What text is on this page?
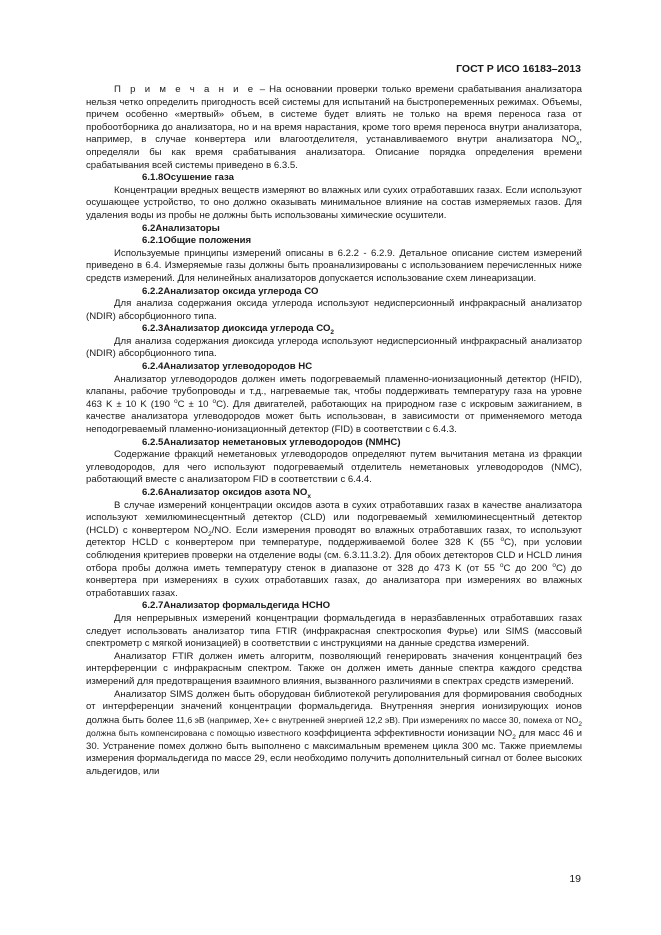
ГОСТ Р ИСО 16183–2013

П р и м е ч а н и е – На основании проверки только времени срабатывания анализатора нельзя четко определить пригодность всей системы для испытаний на быстропеременных режимах. Объемы, причем особенно «мертвый» объем, в системе будет влиять не только на время переноса газа от пробоотборника до анализатора, но и на время нарастания, кроме того время переноса внутри анализатора, например, в случае конвертера или влагоотделителя, устанавливаемого внутри анализатора $NO_x$, определяли бы как время срабатывания анализатора. Описание порядка определения времени срабатывания всей системы приведено в 6.3.5.

6.1.8Осушение газа

Концентрации вредных веществ измеряют во влажных или сухих отработавших газах. Если используют осушающее устройство, то оно должно оказывать минимальное влияние на состав измеряемых газов. Для удаления воды из пробы не должны быть использованы химические осушители.

6.2Анализаторы

6.2.1Общие положения

Используемые принципы измерений описаны в 6.2.2 - 6.2.9. Детальное описание систем измерений приведено в 6.4. Измеряемые газы должны быть проанализированы с использованием перечисленных ниже средств измерений. Для нелинейных анализаторов допускается использование схем линеаризации.

6.2.2Анализатор оксида углерода СО

Для анализа содержания оксида углерода используют недисперсионный инфракрасный анализатор (NDIR) абсорбционного типа.

6.2.3Анализатор диоксида углерода $СО_2$

Для анализа содержания диоксида углерода используют недисперсионный инфракрасный анализатор (NDIR) абсорбционного типа.

6.2.4Анализатор углеводородов НС

Анализатор углеводородов должен иметь подогреваемый пламенно-ионизационный детектор (HFID), клапаны, рабочие трубопроводы и т.д., нагреваемые так, чтобы поддерживать температуру газа на уровне 463 K ± 10 K (190 $^о$C ± 10 $^о$C). Для двигателей, работающих на природном газе с искровым зажиганием, в качестве анализатора углеводородов может быть использован, в зависимости от применяемого метода неподогреваемый пламенно-ионизационный детектор (FID) в соответствии с 6.4.3.

6.2.5Анализатор неметановых углеводородов (NMHC)

Содержание фракций неметановых углеводородов определяют путем вычитания метана из фракции углеводородов, для чего используют подогреваемый отделитель неметановых углеводородов (NMC), работающий вместе с анализатором FID в соответствии с 6.4.4.

6.2.6Анализатор оксидов азота $NO_x$

В случае измерений концентрации оксидов азота в сухих отработавших газах в качестве анализатора используют хемилюминесцентный детектор (CLD) или подогреваемый хемилюминесцентный детектор (HCLD) с конвертером $NO_2/NO$. Если измерения проводят во влажных отработавших газах, то используют детектор HCLD с конвертером при температуре, поддерживаемой более 328 K (55 $^о$C), при условии соблюдения критериев проверки на отделение воды (см. 6.3.11.3.2). Для обоих детекторов CLD и HCLD линия отбора пробы должна иметь температуру стенок в диапазоне от 328 до 473 K (от 55 $^о$C до 200 $^о$C) до конвертера при измерениях в сухих отработавших газах, до анализатора при измерениях во влажных отработавших газах.

6.2.7Анализатор формальдегида НСНО

Для непрерывных измерений концентрации формальдегида в неразбавленных отработавших газах следует использовать анализатор типа FTIR (инфракрасная спектроскопия Фурье) или SIMS (массовый спектрометр с мягкой ионизацией) в соответствии с инструкциями на данные средства измерений.

Анализатор FTIR должен иметь алгоритм, позволяющий генерировать значения концентраций без интерференции с инфракрасным спектром. Также он должен иметь данные спектра каждого средства измерений для предотвращения взаимного влияния, вызванного различиями в спектрах средств измерений.

Анализатор SIMS должен быть оборудован библиотекой регулирования для формирования свободных от интерференции значений концентрации формальдегида. Внутренняя энергия ионизирующих ионов должна быть более 11,6 эВ (например, Хе+ с внутренней энергией 12,2 эВ). При измерениях по массе 30, помеха от $NO_2$ должна быть компенсирована с помощью известного коэффициента эффективности ионизации $NO_2$ для масс 46 и 30. Устранение помех должно быть выполнено с максимальным временем цикла 300 мс. Также приемлемы измерения формальдегида по массе 29, если необходимо получить дополнительный сигнал от более высоких альдегидов, или

19
